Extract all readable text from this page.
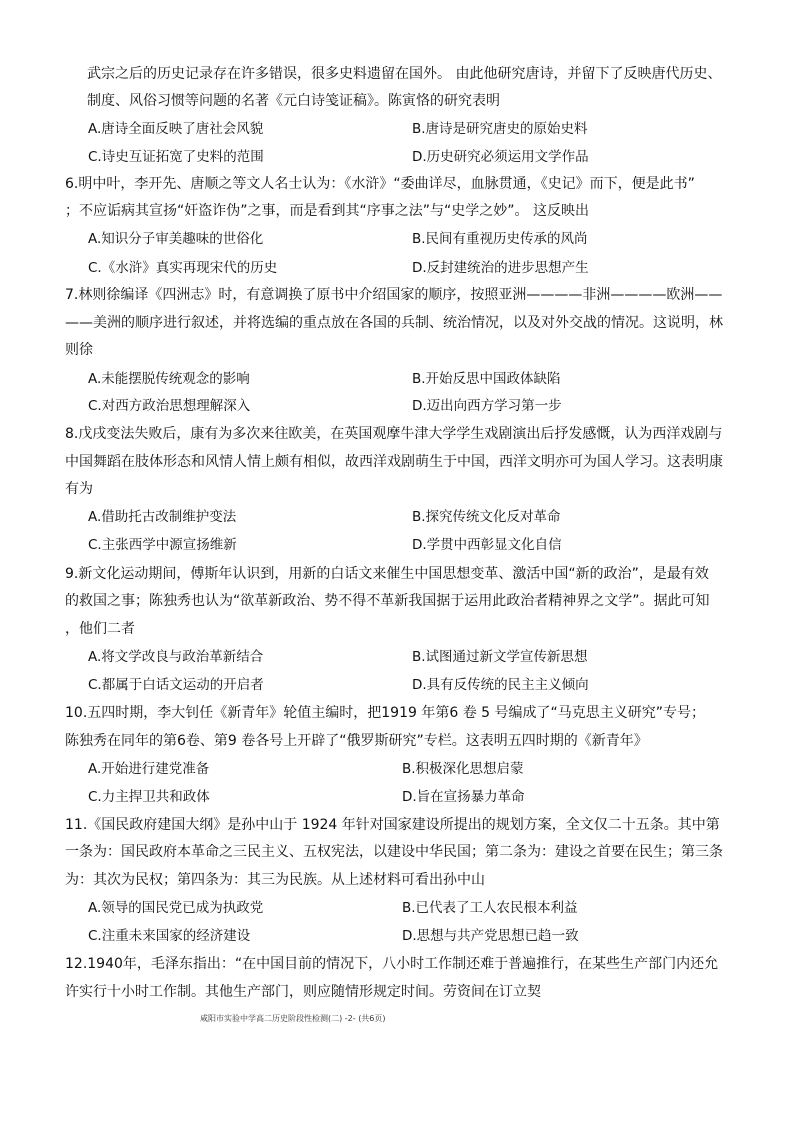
武宗之后的历史记录存在许多错误，很多史料遗留在国外。 由此他研究唐诗，并留下了反映唐代历史、
制度、风俗习惯等问题的名著《元白诗笺证稿》。陈寅恪的研究表明
A.唐诗全面反映了唐社会风貌	B.唐诗是研究唐史的原始史料
C.诗史互证拓宽了史料的范围	D.历史研究必须运用文学作品
6.明中叶，李开先、唐顺之等文人名士认为：《水浒》“委曲详尽，血脉贯通，《史记》而下，便是此书”
；不应诟病其宣扬“奸盗诈伪”之事，而是看到其“序事之法”与“史学之妙”。 这反映出
A.知识分子审美趣味的世俗化	B.民间有重视历史传承的风尚
C.《水浒》真实再现宋代的历史	D.反封建统治的进步思想产生
7.林则徐编译《四洲志》时，有意调换了原书中介绍国家的顺序，按照亚洲————非洲————欧洲——
——美洲的顺序进行叙述，并将选编的重点放在各国的兵制、统治情况，以及对外交战的情况。这说明，林
则徐
A.未能摆脱传统观念的影响	B.开始反思中国政体缺陷
C.对西方政治思想理解深入	D.迈出向西方学习第一步
8.戊戌变法失败后，康有为多次来往欧美，在英国观摩牛津大学学生戏剧演出后抒发感慨，认为西洋戏剧与
中国舞蹈在肢体形态和风情人情上颇有相似，故西洋戏剧萌生于中国，西洋文明亦可为国人学习。这表明康
有为
A.借助托古改制维护变法	B.探究传统文化反对革命
C.主张西学中源宣扬维新	D.学贯中西彰显文化自信
9.新文化运动期间，傅斯年认识到，用新的白话文来催生中国思想变革、激活中国“新的政治”，是最有效
的救国之事；陈独秀也认为“欲革新政治、势不得不革新我国据于运用此政治者精神界之文学”。据此可知
，他们二者
A.将文学改良与政治革新结合	B.试图通过新文学宣传新思想
C.都属于白话文运动的开启者	D.具有反传统的民主主义倾向
10.五四时期，李大钊任《新青年》轮值主编时，把1919 年第6 卷 5 号编成了“马克思主义研究”专号；
陈独秀在同年的第6卷、第9 卷各号上开辟了“俄罗斯研究”专栏。这表明五四时期的《新青年》
A.开始进行建党准备	B.积极深化思想启蒙
C.力主捍卫共和政体	D.旨在宣扬暴力革命
11.《国民政府建国大纲》是孙中山于 1924 年针对国家建设所提出的规划方案，全文仅二十五条。其中第
一条为：国民政府本革命之三民主义、五权宪法，以建设中华民国；第二条为：建设之首要在民生；第三条
为：其次为民权；第四条为：其三为民族。从上述材料可看出孙中山
A.领导的国民党已成为执政党	B.已代表了工人农民根本利益
C.注重未来国家的经济建设	D.思想与共产党思想已趋一致
12.1940年，毛泽东指出：“在中国目前的情况下，八小时工作制还难于普遍推行，在某些生产部门内还允
许实行十小时工作制。其他生产部门，则应随情形规定时间。劳资间在订立契
咸阳市实验中学高二历史阶段性检测(二) -2- (共6页)
